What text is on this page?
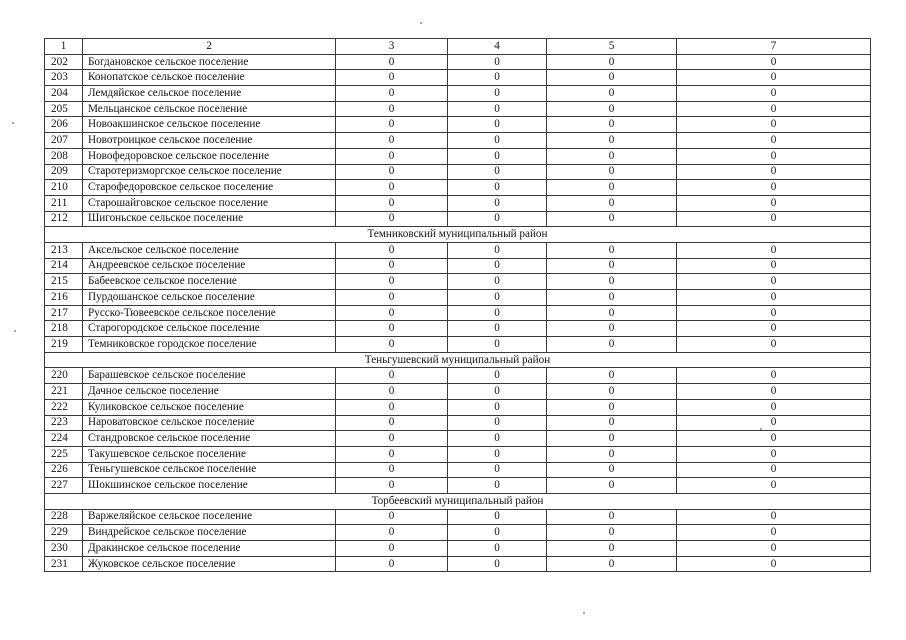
1	2	3	4	5	7
202	Богдановское сельское поселение	0	0	0	0
203	Конопатское сельское поселение	0	0	0	0
204	Лемдяйское сельское поселение	0	0	0	0
205	Мельцанское сельское поселение	0	0	0	0
206	Новоакшинское сельское поселение	0	0	0	0
207	Новотроицкое сельское поселение	0	0	0	0
208	Новофедоровское сельское поселение	0	0	0	0
209	Старотеризморгское сельское поселение	0	0	0	0
210	Старофедоровское сельское поселение	0	0	0	0
211	Старошайговское сельское поселение	0	0	0	0
212	Шигоньское сельское поселение	0	0	0	0
Темниковский муниципальный район					
213	Аксельское сельское поселение	0	0	0	0
214	Андреевское сельское поселение	0	0	0	0
215	Бабеевское сельское поселение	0	0	0	0
216	Пурдошанское сельское поселение	0	0	0	0
217	Русско-Тювеевское сельское поселение	0	0	0	0
218	Старогородское сельское поселение	0	0	0	0
219	Темниковское городское поселение	0	0	0	0
Теньгушевский муниципальный район					
220	Барашевское сельское поселение	0	0	0	0
221	Дачное сельское поселение	0	0	0	0
222	Куликовское сельское поселение	0	0	0	0
223	Нароватовское сельское поселение	0	0	0	0
224	Стандровское сельское поселение	0	0	0	0
225	Такушевское сельское поселение	0	0	0	0
226	Теньгушевское сельское поселение	0	0	0	0
227	Шокшинское сельское поселение	0	0	0	0
Торбеевский муниципальный район					
228	Варжеляйское сельское поселение	0	0	0	0
229	Виндрейское сельское поселение	0	0	0	0
230	Дракинское сельское поселение	0	0	0	0
231	Жуковское сельское поселение	0	0	0	0
